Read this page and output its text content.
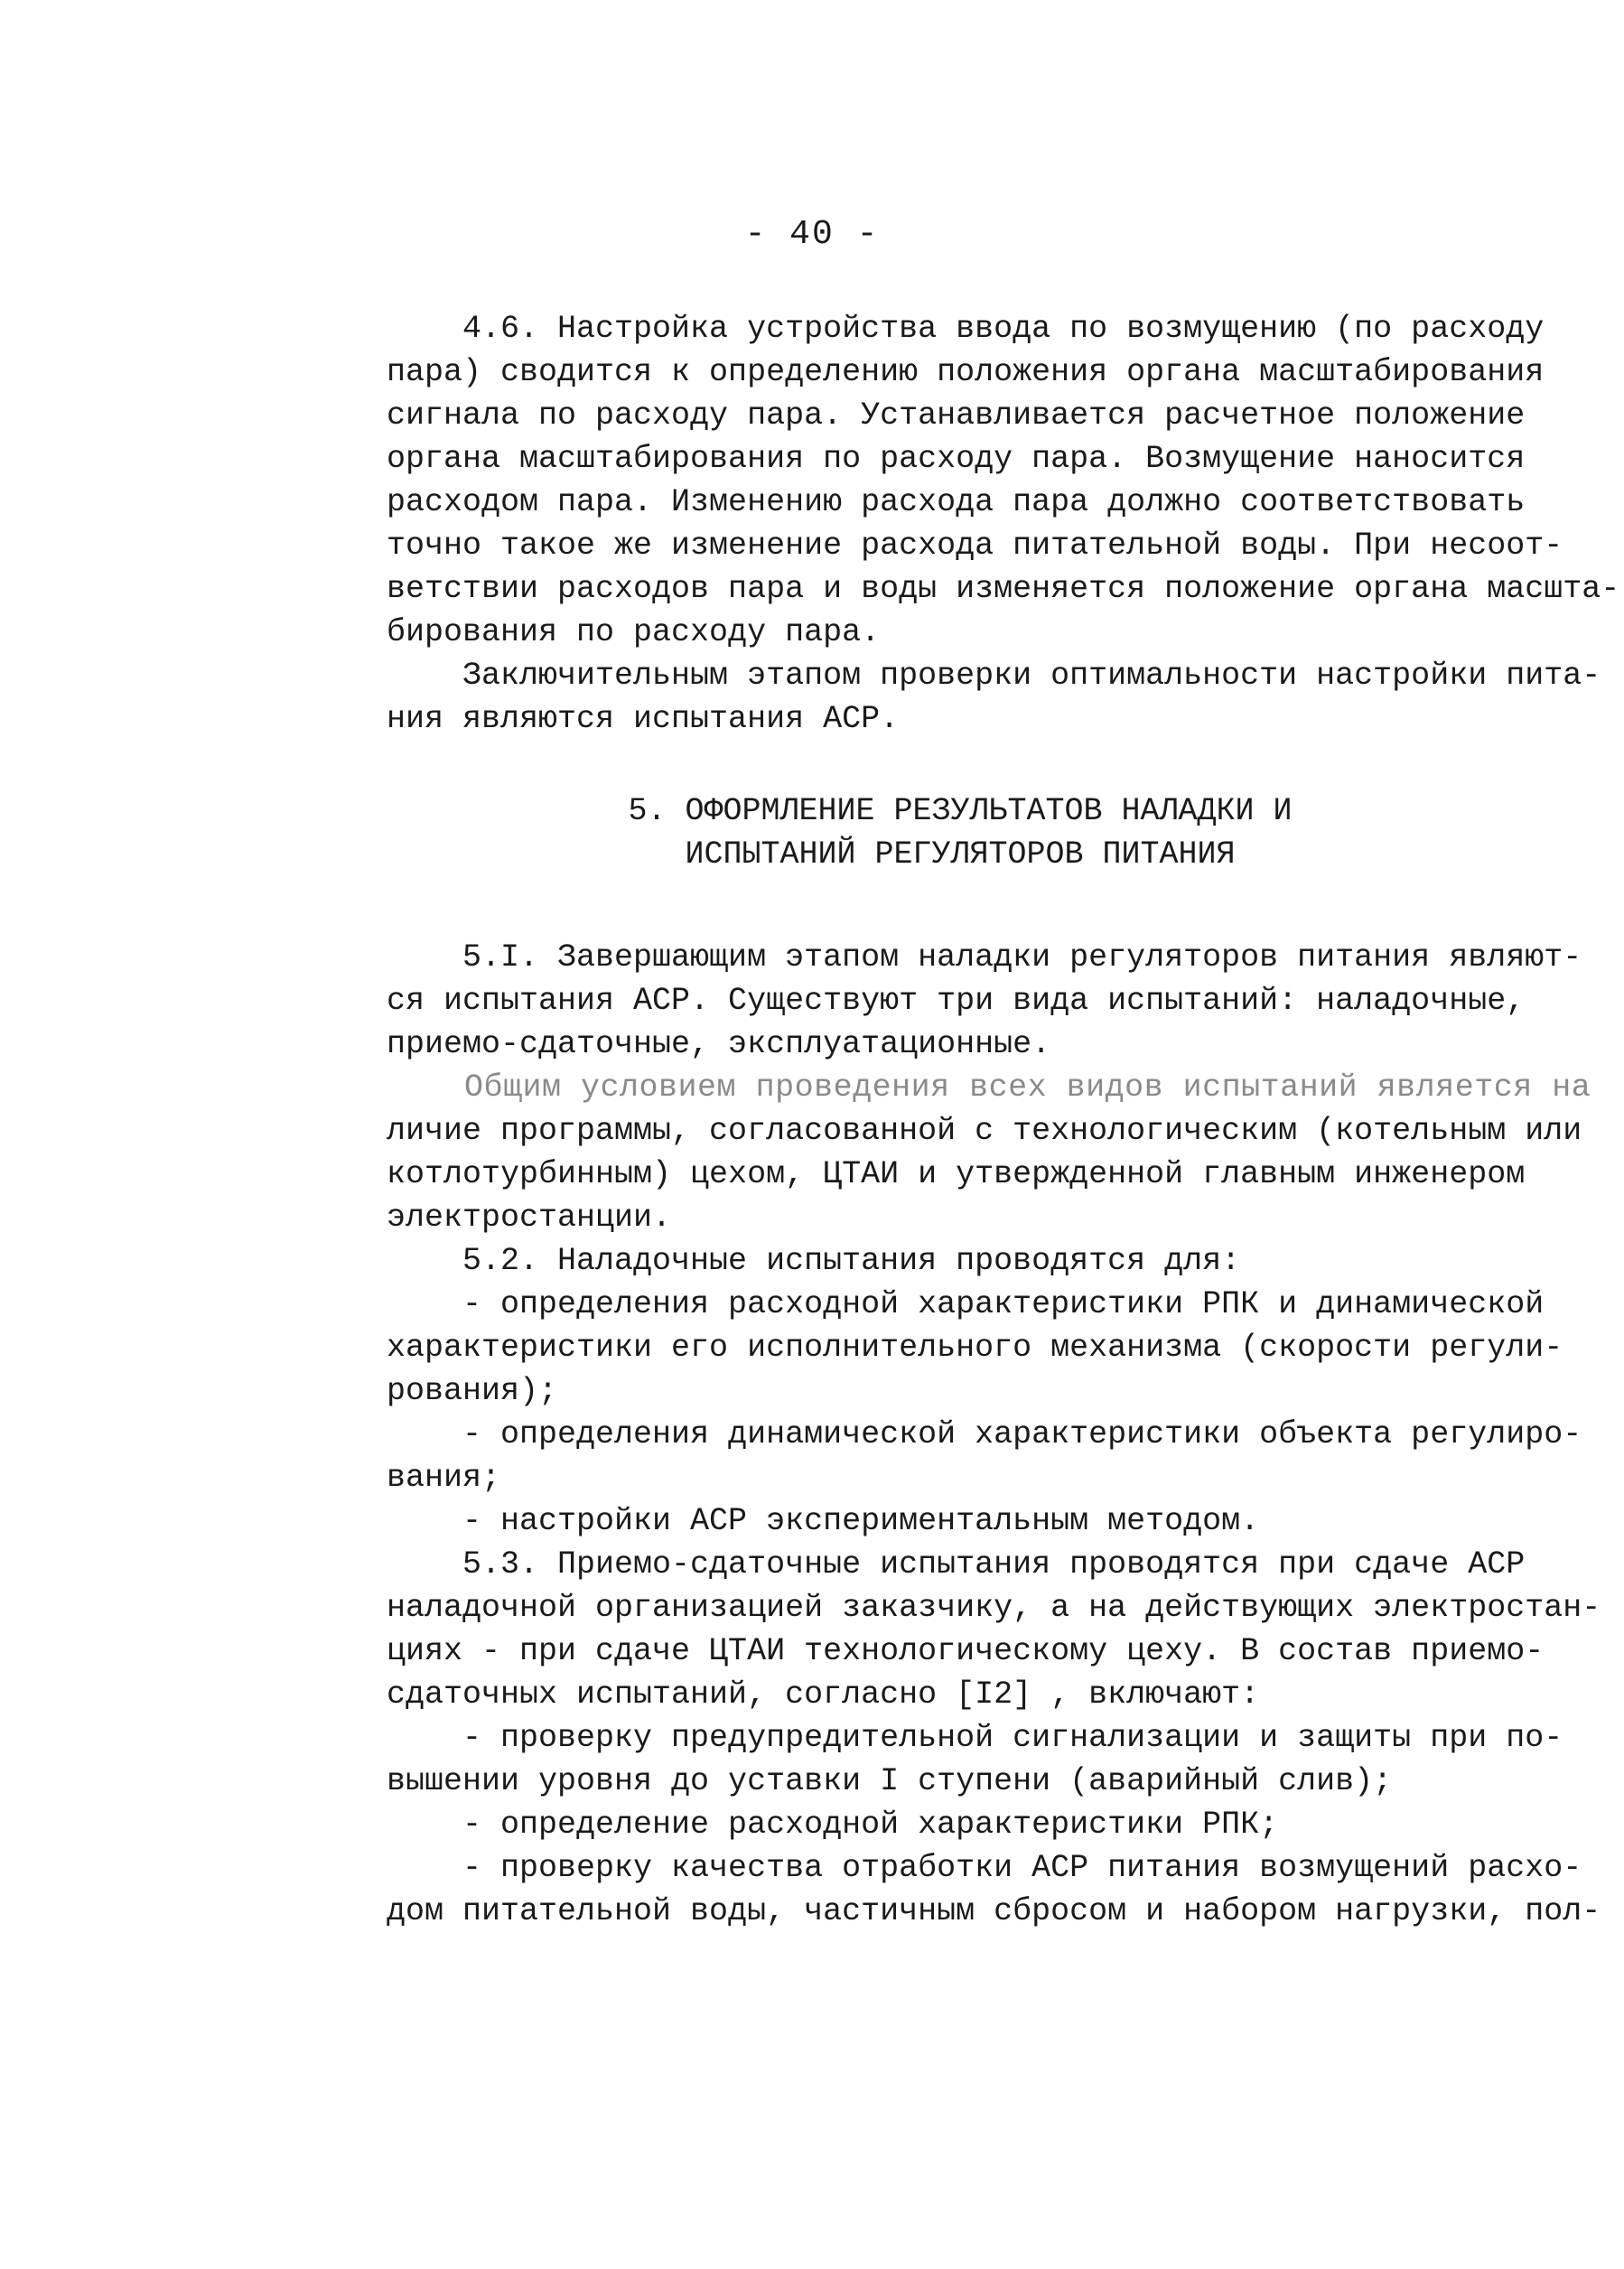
- 40 -
4.6. Настройка устройства ввода по возмущению (по расходу
пара) сводится к определению положения органа масштабирования
сигнала по расходу пара. Устанавливается расчетное положение
органа масштабирования по расходу пара. Возмущение наносится
расходом пара. Изменению расхода пара должно соответствовать
точно такое же изменение расхода питательной воды. При несоот-
ветствии расходов пара и воды изменяется положение органа масшта-
бирования по расходу пара.
Заключительным этапом проверки оптимальности настройки пита-
ния являются испытания АСР.
5. ОФОРМЛЕНИЕ РЕЗУЛЬТАТОВ НАЛАДКИ И
ИСПЫТАНИЙ РЕГУЛЯТОРОВ ПИТАНИЯ
5.I. Завершающим этапом наладки регуляторов питания являют-
ся испытания АСР. Существуют три вида испытаний: наладочные,
приемо-сдаточные, эксплуатационные.
Общим условием проведения всех видов испытаний является на
личие программы, согласованной с технологическим (котельным или
котлотурбинным) цехом, ЦТАИ и утвержденной главным инженером
электростанции.
5.2. Наладочные испытания проводятся для:
- определения расходной характеристики РПК и динамической
характеристики его исполнительного механизма (скорости регули-
рования);
- определения динамической характеристики объекта регулиро-
вания;
- настройки АСР экспериментальным методом.
5.3. Приемо-сдаточные испытания проводятся при сдаче АСР
наладочной организацией заказчику, а на действующих электростан-
циях - при сдаче ЦТАИ технологическому цеху. В состав приемо-
сдаточных испытаний, согласно [I2] , включают:
- проверку предупредительной сигнализации и защиты при по-
вышении уровня до уставки I ступени (аварийный слив);
- определение расходной характеристики РПК;
- проверку качества отработки АСР питания возмущений расхо-
дом питательной воды, частичным сбросом и набором нагрузки, пол-
